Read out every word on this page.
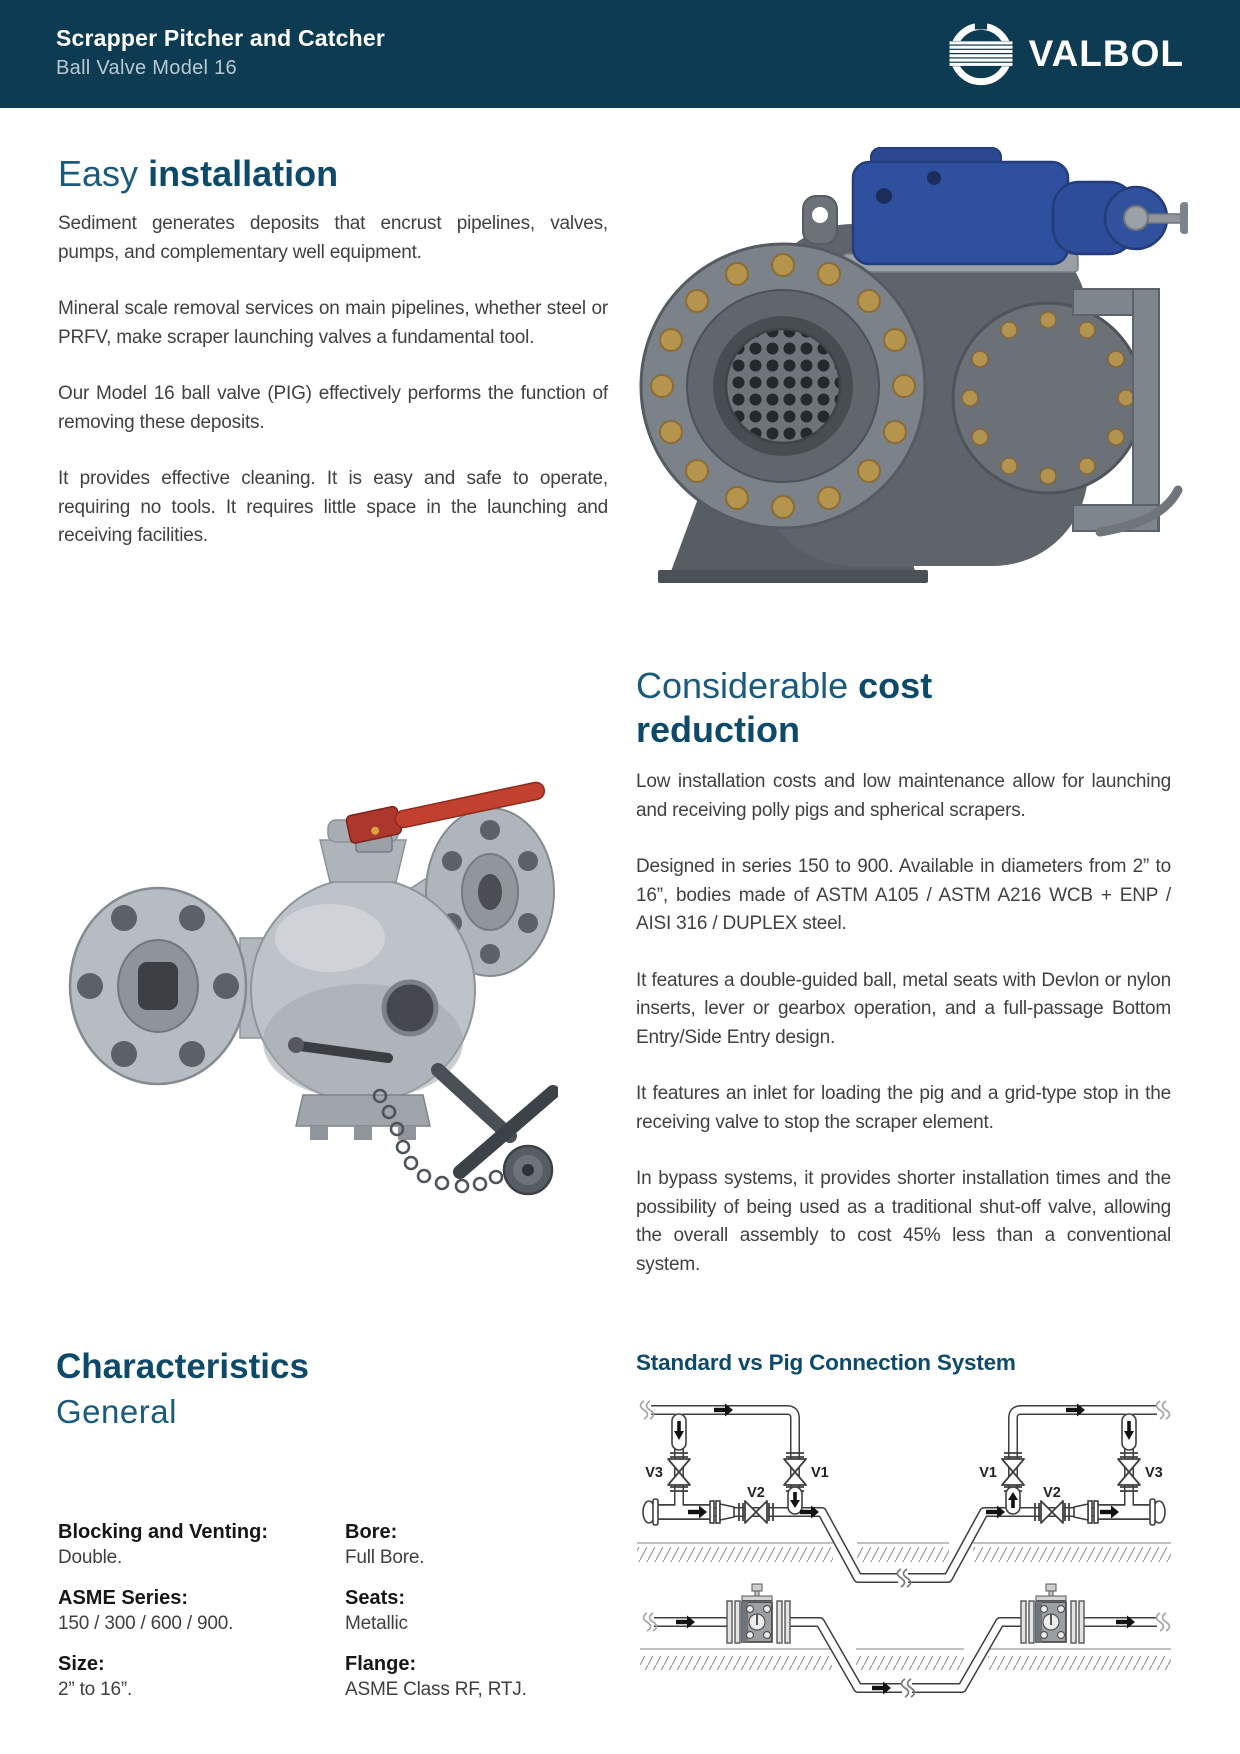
Scrapper Pitcher and Catcher
Ball Valve Model 16	VALBOL
Easy installation

Sediment generates deposits that encrust pipelines, valves, pumps, and complementary well equipment.

Mineral scale removal services on main pipelines, whether steel or PRFV, make scraper launching valves a fundamental tool.

Our Model 16 ball valve (PIG) effectively performs the function of removing these deposits.

It provides effective cleaning. It is easy and safe to operate, requiring no tools. It requires little space in the launching and receiving facilities.

Considerable cost reduction

Low installation costs and low maintenance allow for launching and receiving polly pigs and spherical scrapers.

Designed in series 150 to 900. Available in diameters from 2” to 16”, bodies made of ASTM A105 / ASTM A216 WCB + ENP / AISI 316 / DUPLEX steel.

It features a double-guided ball, metal seats with Devlon or nylon inserts, lever or gearbox operation, and a full-passage Bottom Entry/Side Entry design.

It features an inlet for loading the pig and a grid-type stop in the receiving valve to stop the scraper element.

In bypass systems, it provides shorter installation times and the possibility of being used as a traditional shut-off valve, allowing the overall assembly to cost 45% less than a conventional system.

Characteristics
General
Blocking and Venting:
Double.
ASME Series:
150 / 300 / 600 / 900.
Size:
2” to 16”.
Bore:
Full Bore.
Seats:
Metallic
Flange:
ASME Class RF, RTJ.
Standard vs Pig Connection System
V3	V1
V2
V1
V2
V3
